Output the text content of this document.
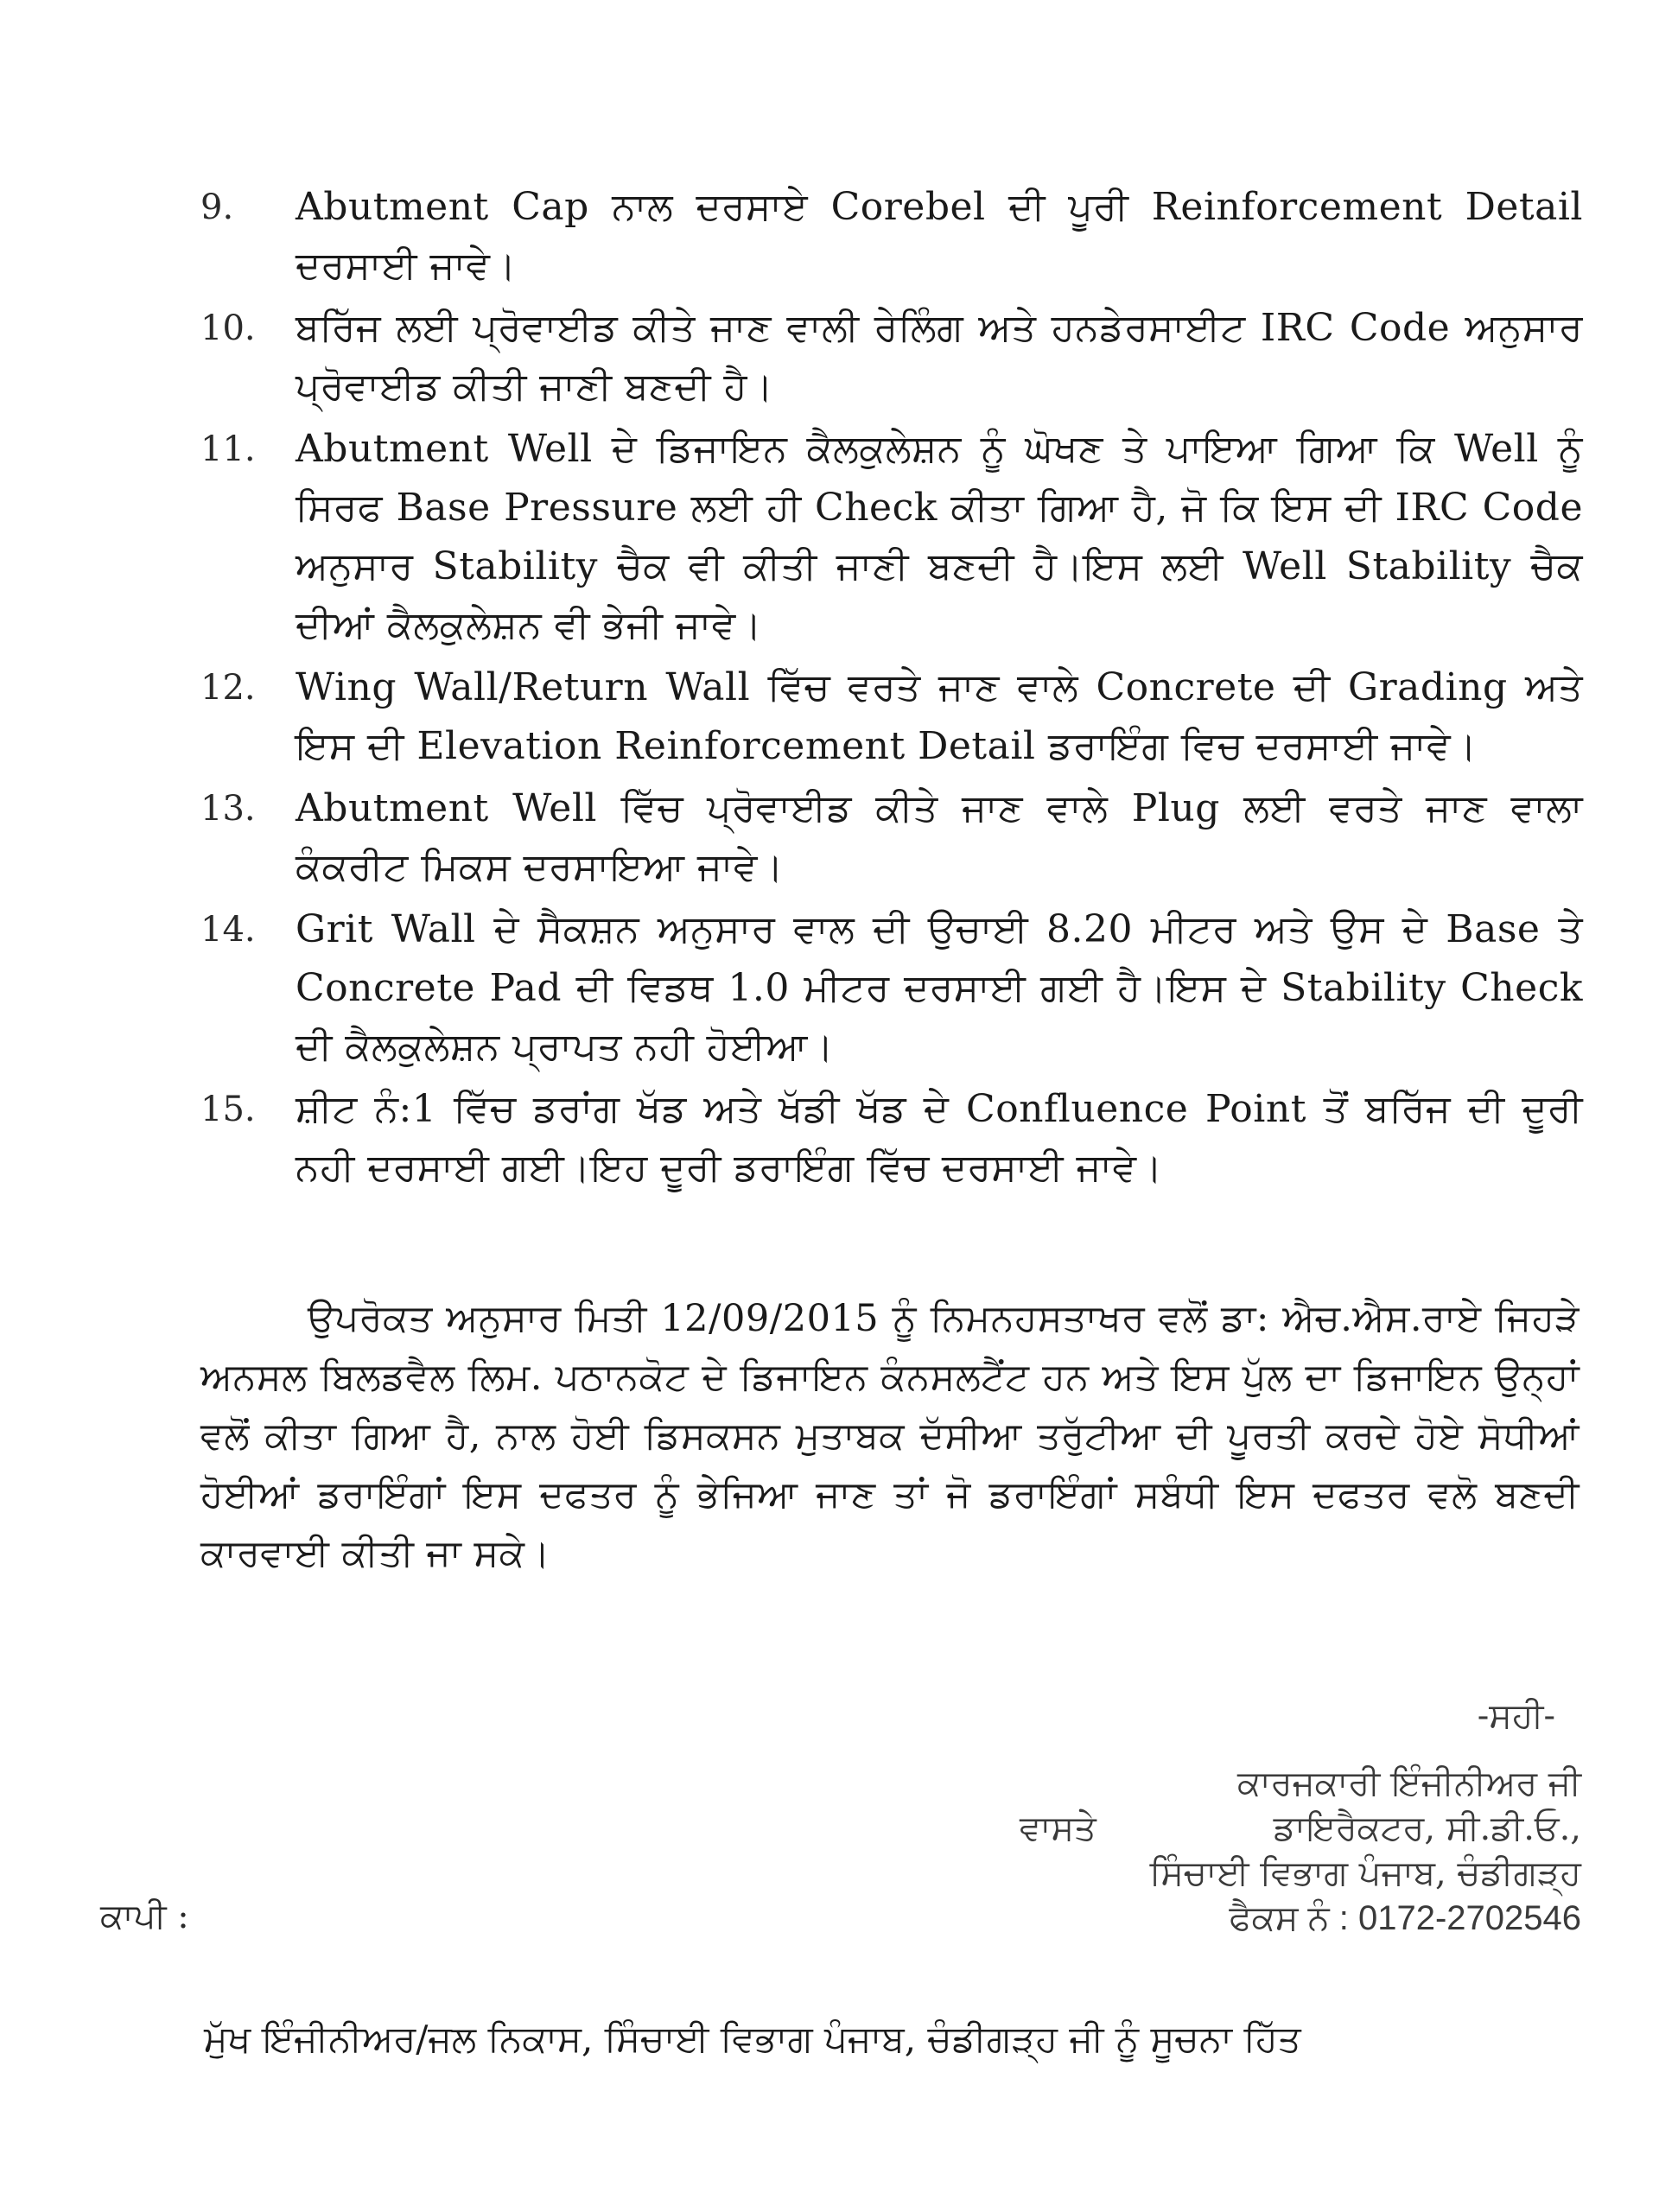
9. Abutment Cap ਨਾਲ ਦਰਸਾਏ Corebel ਦੀ ਪੂਰੀ Reinforcement Detail ਦਰਸਾਈ ਜਾਵੇ।
10. ਬਰਿੱਜ ਲਈ ਪ੍ਰੋਵਾਈਡ ਕੀਤੇ ਜਾਣ ਵਾਲੀ ਰੇਲਿੰਗ ਅਤੇ ਹਨਡੇਰਸਾਈਟ IRC Code ਅਨੁਸਾਰ ਪ੍ਰੋਵਾਈਡ ਕੀਤੀ ਜਾਣੀ ਬਣਦੀ ਹੈ।
11. Abutment Well ਦੇ ਡਿਜਾਇਨ ਕੈਲਕੁਲੇਸ਼ਨ ਨੂੰ ਘੋਖਣ ਤੇ ਪਾਇਆ ਗਿਆ ਕਿ Well ਨੂੰ ਸਿਰਫ Base Pressure ਲਈ ਹੀ Check ਕੀਤਾ ਗਿਆ ਹੈ, ਜੋ ਕਿ ਇਸ ਦੀ IRC Code ਅਨੁਸਾਰ Stability ਚੈਕ ਵੀ ਕੀਤੀ ਜਾਣੀ ਬਣਦੀ ਹੈ।ਇਸ ਲਈ Well Stability ਚੈਕ ਦੀਆਂ ਕੈਲਕੁਲੇਸ਼ਨ ਵੀ ਭੇਜੀ ਜਾਵੇ।
12. Wing Wall/Return Wall ਵਿੱਚ ਵਰਤੇ ਜਾਣ ਵਾਲੇ Concrete ਦੀ Grading ਅਤੇ ਇਸ ਦੀ Elevation Reinforcement Detail ਡਰਾਇੰਗ ਵਿਚ ਦਰਸਾਈ ਜਾਵੇ।
13. Abutment Well ਵਿੱਚ ਪ੍ਰੋਵਾਈਡ ਕੀਤੇ ਜਾਣ ਵਾਲੇ Plug ਲਈ ਵਰਤੇ ਜਾਣ ਵਾਲਾ ਕੰਕਰੀਟ ਮਿਕਸ ਦਰਸਾਇਆ ਜਾਵੇ।
14. Grit Wall ਦੇ ਸੈਕਸ਼ਨ ਅਨੁਸਾਰ ਵਾਲ ਦੀ ਉਚਾਈ 8.20 ਮੀਟਰ ਅਤੇ ਉਸ ਦੇ Base ਤੇ Concrete Pad ਦੀ ਵਿਡਥ 1.0 ਮੀਟਰ ਦਰਸਾਈ ਗਈ ਹੈ।ਇਸ ਦੇ Stability Check ਦੀ ਕੈਲਕੁਲੇਸ਼ਨ ਪ੍ਰਾਪਤ ਨਹੀ ਹੋਈਆ।
15. ਸ਼ੀਟ ਨੰ:1 ਵਿੱਚ ਡਰਾਂਗ ਖੱਡ ਅਤੇ ਖੱਡੀ ਖੱਡ ਦੇ Confluence Point ਤੋਂ ਬਰਿੱਜ ਦੀ ਦੂਰੀ ਨਹੀ ਦਰਸਾਈ ਗਈ।ਇਹ ਦੂਰੀ ਡਰਾਇੰਗ ਵਿੱਚ ਦਰਸਾਈ ਜਾਵੇ।

ਉਪਰੋਕਤ ਅਨੁਸਾਰ ਮਿਤੀ 12/09/2015 ਨੂੰ ਨਿਮਨਹਸਤਾਖਰ ਵਲੋਂ ਡਾ: ਐਚ.ਐਸ.ਰਾਏ ਜਿਹੜੇ ਅਨਸਲ ਬਿਲਡਵੈਲ ਲਿਮ. ਪਠਾਨਕੋਟ ਦੇ ਡਿਜਾਇਨ ਕੰਨਸਲਟੈਂਟ ਹਨ ਅਤੇ ਇਸ ਪੁੱਲ ਦਾ ਡਿਜਾਇਨ ਉਨ੍ਹਾਂ ਵਲੋਂ ਕੀਤਾ ਗਿਆ ਹੈ, ਨਾਲ ਹੋਈ ਡਿਸਕਸਨ ਮੁਤਾਬਕ ਦੱਸੀਆ ਤਰੁੱਟੀਆ ਦੀ ਪੂਰਤੀ ਕਰਦੇ ਹੋਏ ਸੋਧੀਆਂ ਹੋਈਆਂ ਡਰਾਇੰਗਾਂ ਇਸ ਦਫਤਰ ਨੂੰ ਭੇਜਿਆ ਜਾਣ ਤਾਂ ਜੋ ਡਰਾਇੰਗਾਂ ਸਬੰਧੀ ਇਸ ਦਫਤਰ ਵਲੋ ਬਣਦੀ ਕਾਰਵਾਈ ਕੀਤੀ ਜਾ ਸਕੇ।

-ਸਹੀ-
ਕਾਰਜਕਾਰੀ ਇੰਜੀਨੀਅਰ ਜੀ
ਵਾਸਤੇ	ਡਾਇਰੈਕਟਰ, ਸੀ.ਡੀ.ਓ.,
ਸਿੰਚਾਈ ਵਿਭਾਗ ਪੰਜਾਬ, ਚੰਡੀਗੜ੍ਹ
ਫੈਕਸ ਨੰ : 0172-2702546
ਕਾਪੀ :
ਮੁੱਖ ਇੰਜੀਨੀਅਰ/ਜਲ ਨਿਕਾਸ, ਸਿੰਚਾਈ ਵਿਭਾਗ ਪੰਜਾਬ, ਚੰਡੀਗੜ੍ਹ ਜੀ ਨੂੰ ਸੂਚਨਾ ਹਿੱਤ
